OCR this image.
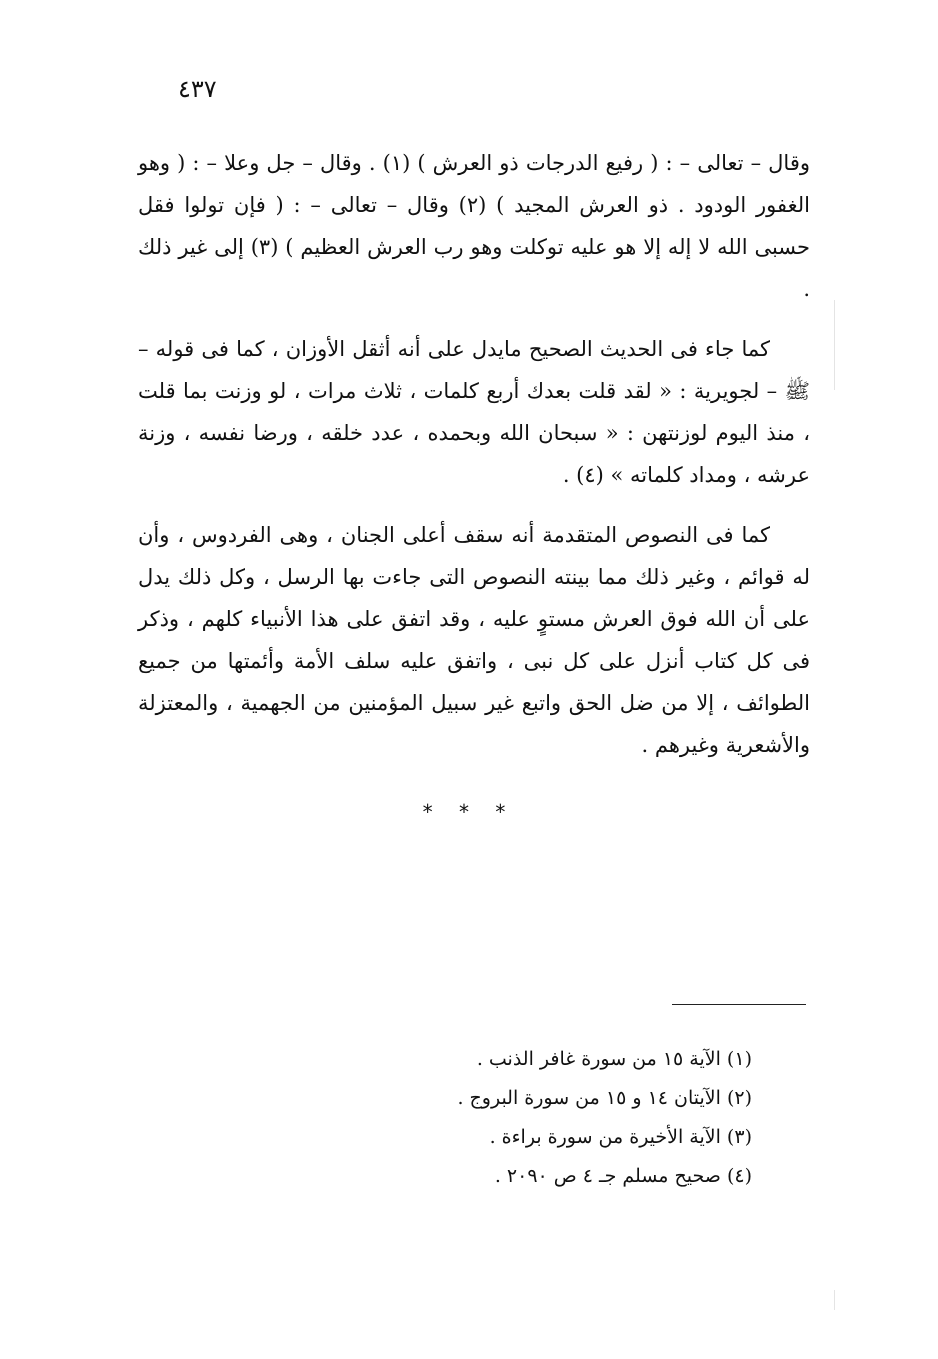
٤٣٧

وقال – تعالى – : ( رفيع الدرجات ذو العرش ) (١) . وقال – جل وعلا – : ( وهو الغفور الودود . ذو العرش المجيد ) (٢) وقال – تعالى – : ( فإن تولوا فقل حسبى الله لا إله إلا هو عليه توكلت وهو رب العرش العظيم ) (٣) إلى غير ذلك .

كما جاء فى الحديث الصحيح مايدل على أنه أثقل الأوزان ، كما فى قوله – ﷺ – لجويرية : « لقد قلت بعدك أربع كلمات ، ثلاث مرات ، لو وزنت بما قلت ، منذ اليوم لوزنتهن : « سبحان الله وبحمده ، عدد خلقه ، ورضا نفسه ، وزنة عرشه ، ومداد كلماته » (٤) .

كما فى النصوص المتقدمة أنه سقف أعلى الجنان ، وهى الفردوس ، وأن له قوائم ، وغير ذلك مما بينته النصوص التى جاءت بها الرسل ، وكل ذلك يدل على أن الله فوق العرش مستوٍ عليه ، وقد اتفق على هذا الأنبياء كلهم ، وذكر فى كل كتاب أنزل على كل نبى ، واتفق عليه سلف الأمة وأئمتها من جميع الطوائف ، إلا من ضل الحق واتبع غير سبيل المؤمنين من الجهمية ، والمعتزلة والأشعرية وغيرهم .

* * *
(١) الآية ١٥ من سورة غافر الذنب .
(٢) الآيتان ١٤ و ١٥ من سورة البروج .
(٣) الآية الأخيرة من سورة براءة .
(٤) صحيح مسلم جـ ٤ ص ٢٠٩٠ .
